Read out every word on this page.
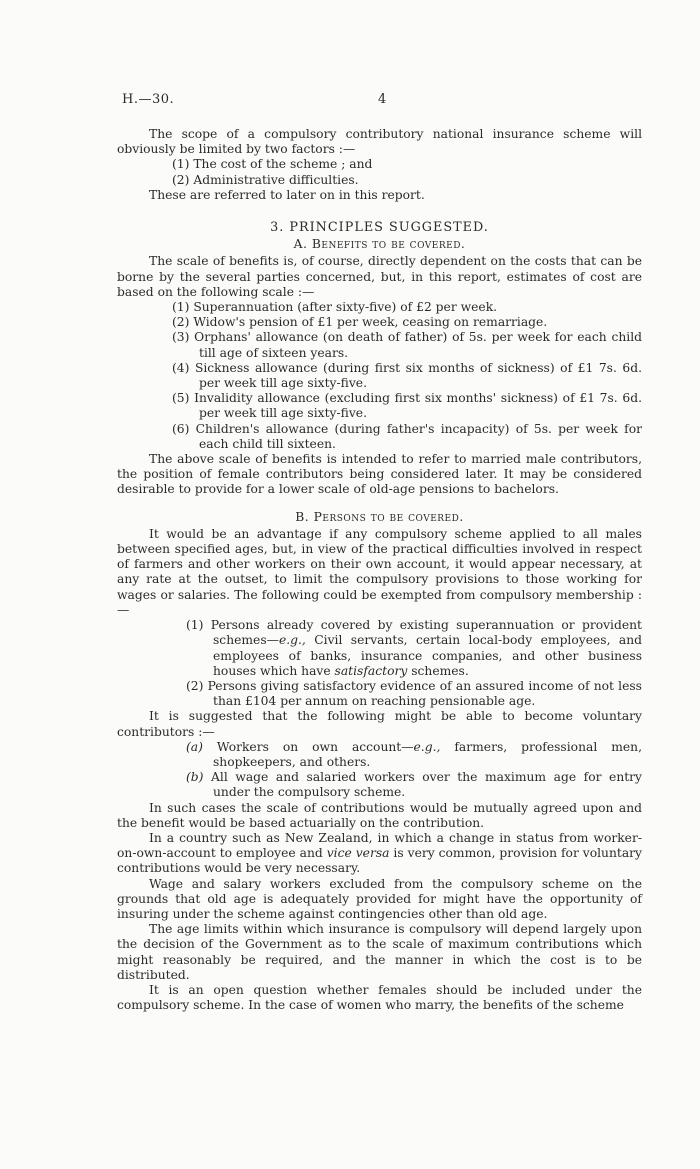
H.—30.	4

The scope of a compulsory contributory national insurance scheme will obviously be limited by two factors :—

(1) The cost of the scheme ; and

(2) Administrative difficulties.

These are referred to later on in this report.

3. PRINCIPLES SUGGESTED.
A. Benefits to be covered.

The scale of benefits is, of course, directly dependent on the costs that can be borne by the several parties concerned, but, in this report, estimates of cost are based on the following scale :—

(1) Superannuation (after sixty-five) of £2 per week.

(2) Widow's pension of £1 per week, ceasing on remarriage.

(3) Orphans' allowance (on death of father) of 5s. per week for each child till age of sixteen years.

(4) Sickness allowance (during first six months of sickness) of £1 7s. 6d. per week till age sixty-five.

(5) Invalidity allowance (excluding first six months' sickness) of £1 7s. 6d. per week till age sixty-five.

(6) Children's allowance (during father's incapacity) of 5s. per week for each child till sixteen.

The above scale of benefits is intended to refer to married male contributors, the position of female contributors being considered later. It may be considered desirable to provide for a lower scale of old-age pensions to bachelors.

B. Persons to be covered.

It would be an advantage if any compulsory scheme applied to all males between specified ages, but, in view of the practical difficulties involved in respect of farmers and other workers on their own account, it would appear necessary, at any rate at the outset, to limit the compulsory provisions to those working for wages or salaries. The following could be exempted from compulsory membership :—

(1) Persons already covered by existing superannuation or provident schemes—e.g., Civil servants, certain local-body employees, and employees of banks, insurance companies, and other business houses which have satisfactory schemes.

(2) Persons giving satisfactory evidence of an assured income of not less than £104 per annum on reaching pensionable age.

It is suggested that the following might be able to become voluntary contributors :—

(a) Workers on own account—e.g., farmers, professional men, shopkeepers, and others.

(b) All wage and salaried workers over the maximum age for entry under the compulsory scheme.

In such cases the scale of contributions would be mutually agreed upon and the benefit would be based actuarially on the contribution.

In a country such as New Zealand, in which a change in status from worker-on-own-account to employee and vice versa is very common, provision for voluntary contributions would be very necessary.

Wage and salary workers excluded from the compulsory scheme on the grounds that old age is adequately provided for might have the opportunity of insuring under the scheme against contingencies other than old age.

The age limits within which insurance is compulsory will depend largely upon the decision of the Government as to the scale of maximum contributions which might reasonably be required, and the manner in which the cost is to be distributed.

It is an open question whether females should be included under the compulsory scheme. In the case of women who marry, the benefits of the scheme
